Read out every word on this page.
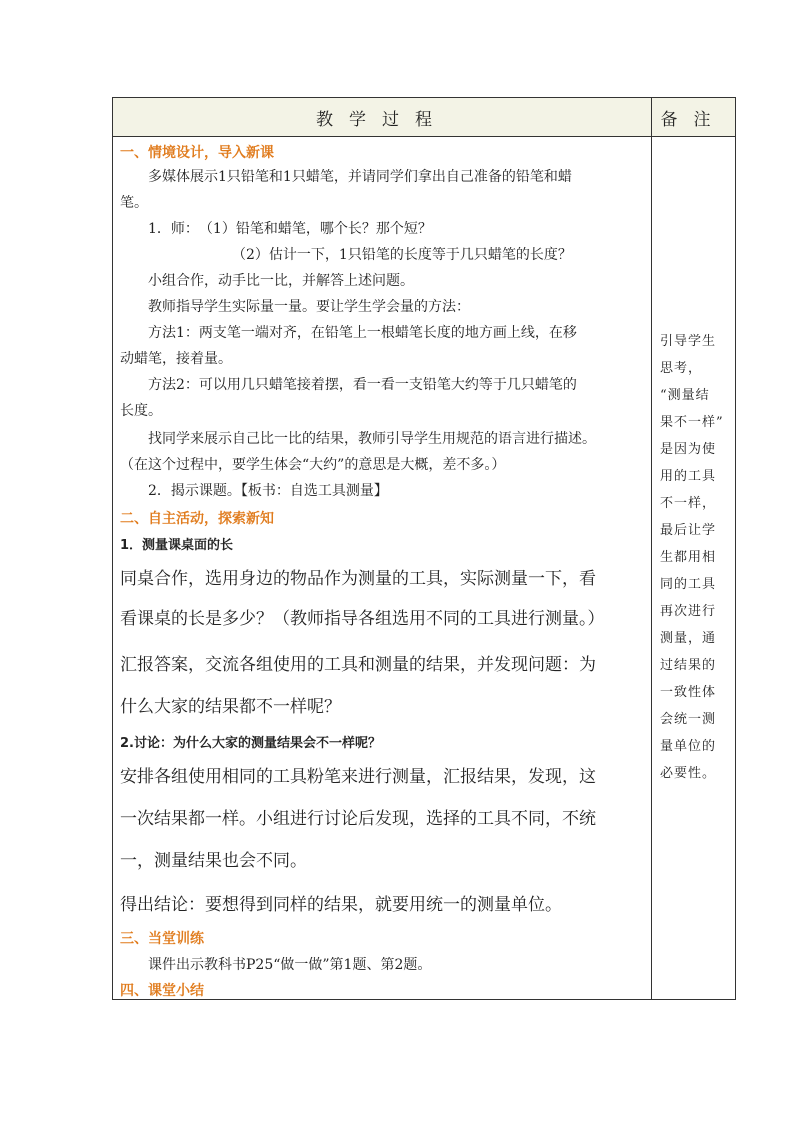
教学过程	备注
一、情境设计，导入新课
多媒体展示1只铅笔和1只蜡笔，并请同学们拿出自己准备的铅笔和蜡
笔。
1．师：　（1）铅笔和蜡笔，哪个长？那个短？
（2）估计一下，1只铅笔的长度等于几只蜡笔的长度？
小组合作，动手比一比，并解答上述问题。
教师指导学生实际量一量。要让学生学会量的方法：
方法1：两支笔一端对齐，在铅笔上一根蜡笔长度的地方画上线，在移
动蜡笔，接着量。
方法2：可以用几只蜡笔接着摆，看一看一支铅笔大约等于几只蜡笔的
长度。
找同学来展示自己比一比的结果，教师引导学生用规范的语言进行描述。
（在这个过程中，要学生体会“大约”的意思是大概，差不多。）
2．揭示课题。【板书：自选工具测量】
二、自主活动，探索新知
1．测量课桌面的长
同桌合作，选用身边的物品作为测量的工具，实际测量一下，看
看课桌的长是多少？（教师指导各组选用不同的工具进行测量。）
汇报答案，交流各组使用的工具和测量的结果，并发现问题：为
什么大家的结果都不一样呢？
2.讨论：为什么大家的测量结果会不一样呢？
安排各组使用相同的工具粉笔来进行测量，汇报结果，发现，这
一次结果都一样。小组进行讨论后发现，选择的工具不同，不统
一，测量结果也会不同。
得出结论：要想得到同样的结果，就要用统一的测量单位。
三、当堂训练
课件出示教科书P25“做一做”第1题、第2题。
四、课堂小结
引导学生
思考，
“测量结
果不一样”
是因为使
用的工具
不一样，
最后让学
生都用相
同的工具
再次进行
测量，通
过结果的
一致性体
会统一测
量单位的
必要性。
